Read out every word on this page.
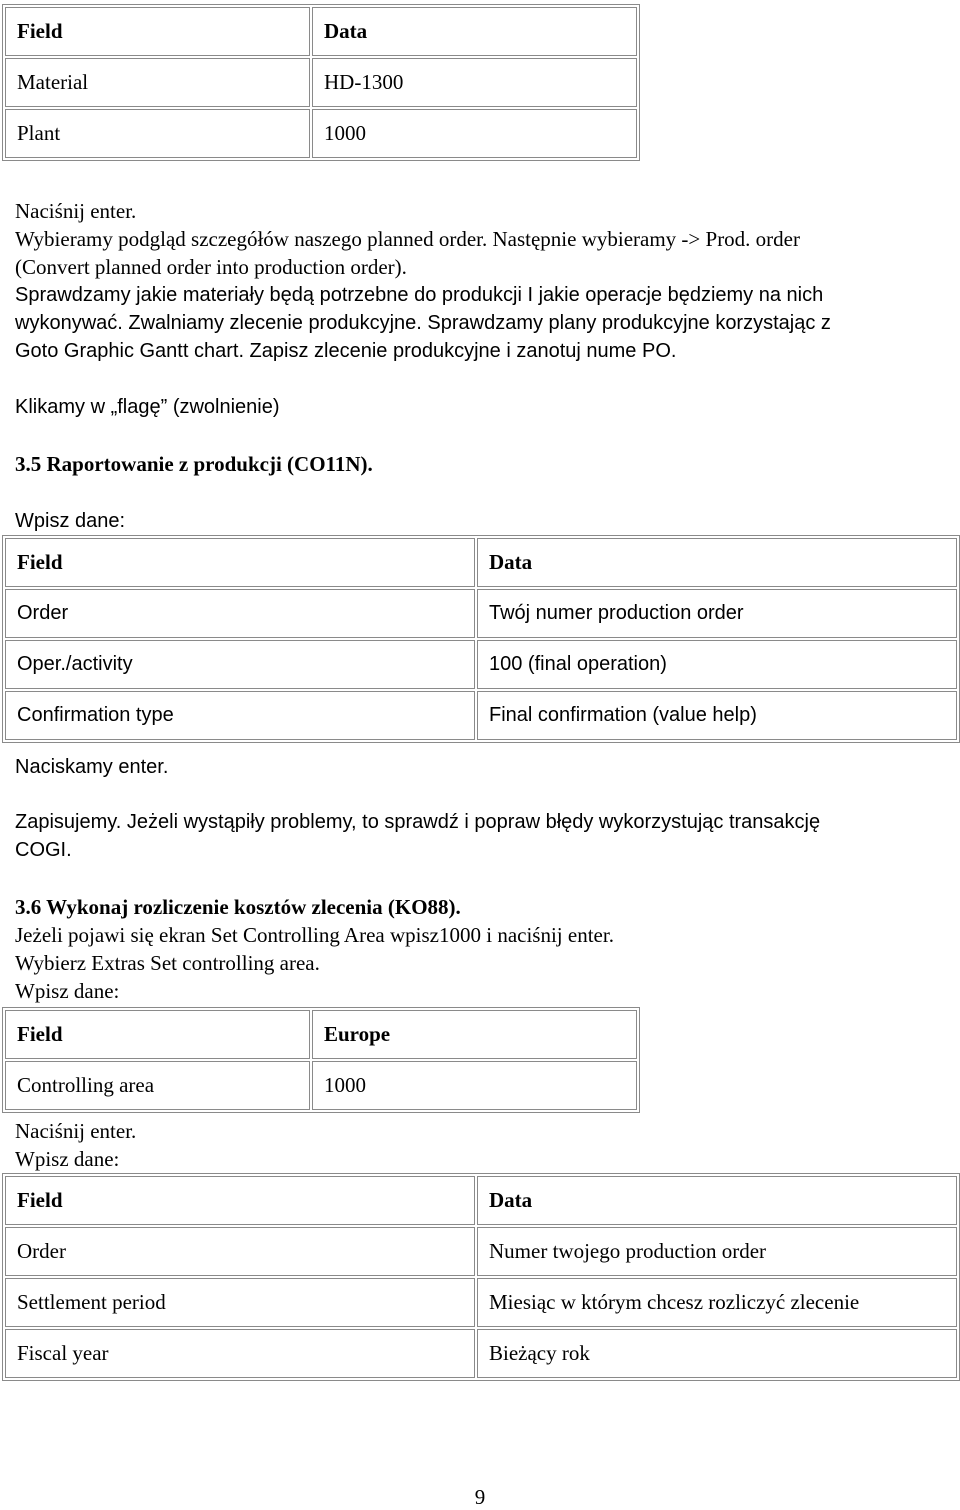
Field	Data
Material	HD-1300
Plant	1000
Naciśnij enter.
Wybieramy podgląd szczegółów naszego planned order. Następnie wybieramy -> Prod. order
(Convert planned order into production order).
Sprawdzamy jakie materiały będą potrzebne do produkcji I jakie operacje będziemy na nich
wykonywać. Zwalniamy zlecenie produkcyjne. Sprawdzamy plany produkcyjne korzystając z
Goto Graphic Gantt chart. Zapisz zlecenie produkcyjne i zanotuj nume PO.
Klikamy w „flagę” (zwolnienie)
3.5 Raportowanie z produkcji (CO11N).
Wpisz dane:
Field	Data
Order	Twój numer production order
Oper./activity	100 (final operation)
Confirmation type	Final confirmation (value help)
Naciskamy enter.
Zapisujemy. Jeżeli wystąpiły problemy, to sprawdź i popraw błędy wykorzystując transakcję
COGI.
3.6 Wykonaj rozliczenie kosztów zlecenia (KO88).
Jeżeli pojawi się ekran Set Controlling Area wpisz1000 i naciśnij enter.
Wybierz Extras Set controlling area.
Wpisz dane:
Field	Europe
Controlling area	1000
Naciśnij enter.
Wpisz dane:
Field	Data
Order	Numer twojego production order
Settlement period	Miesiąc w którym chcesz rozliczyć zlecenie
Fiscal year	Bieżący rok
9
